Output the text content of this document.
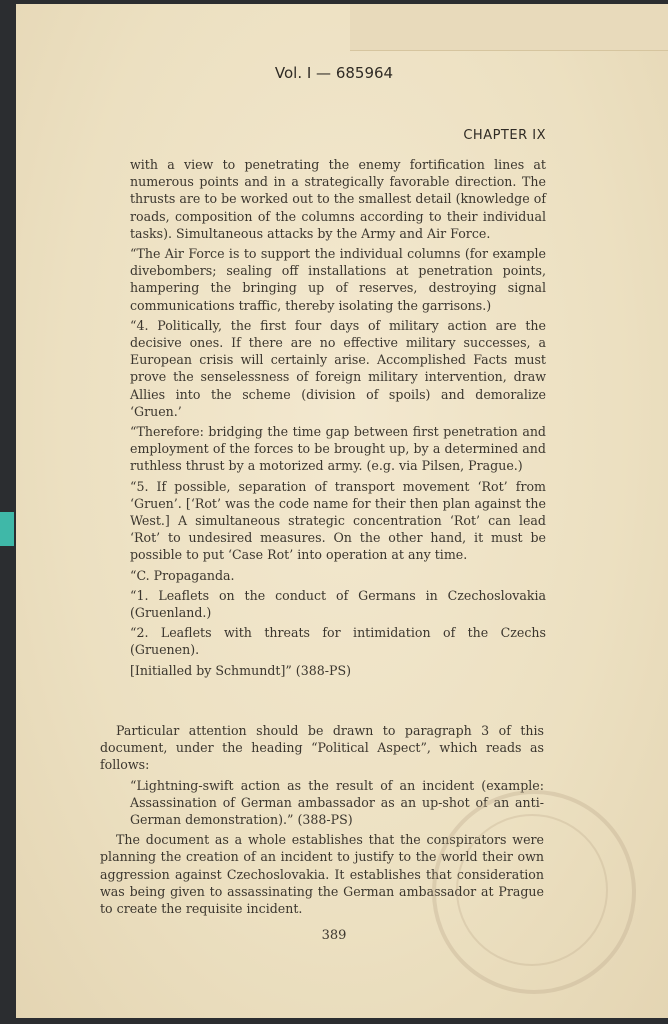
Vol. I — 685964
CHAPTER IX

with a view to penetrating the enemy fortification lines at numerous points and in a strategically favorable direction. The thrusts are to be worked out to the smallest detail (knowledge of roads, composition of the columns according to their individual tasks). Simultaneous attacks by the Army and Air Force.

“The Air Force is to support the individual columns (for example divebombers; sealing off installations at penetration points, hampering the bringing up of reserves, destroying signal communications traffic, thereby isolating the garrisons.)

“4. Politically, the first four days of military action are the decisive ones. If there are no effective military successes, a European crisis will certainly arise. Accomplished Facts must prove the senselessness of foreign military intervention, draw Allies into the scheme (division of spoils) and demoralize ‘Gruen.’

“Therefore: bridging the time gap between first penetration and employment of the forces to be brought up, by a determined and ruthless thrust by a motorized army. (e.g. via Pilsen, Prague.)

“5. If possible, separation of transport movement ‘Rot’ from ‘Gruen’. [‘Rot’ was the code name for their then plan against the West.] A simultaneous strategic concentration ‘Rot’ can lead ‘Rot’ to undesired measures. On the other hand, it must be possible to put ‘Case Rot’ into operation at any time.

“C. Propaganda.

“1. Leaflets on the conduct of Germans in Czechoslovakia (Gruenland.)

“2. Leaflets with threats for intimidation of the Czechs (Gruenen).

[Initialled by Schmundt]” (388-PS)

Particular attention should be drawn to paragraph 3 of this document, under the heading “Political Aspect”, which reads as follows:

“Lightning-swift action as the result of an incident (example: Assassination of German ambassador as an up-shot of an anti-German demonstration).” (388-PS)

The document as a whole establishes that the conspirators were planning the creation of an incident to justify to the world their own aggression against Czechoslovakia. It establishes that consideration was being given to assassinating the German ambassador at Prague to create the requisite incident.

389
